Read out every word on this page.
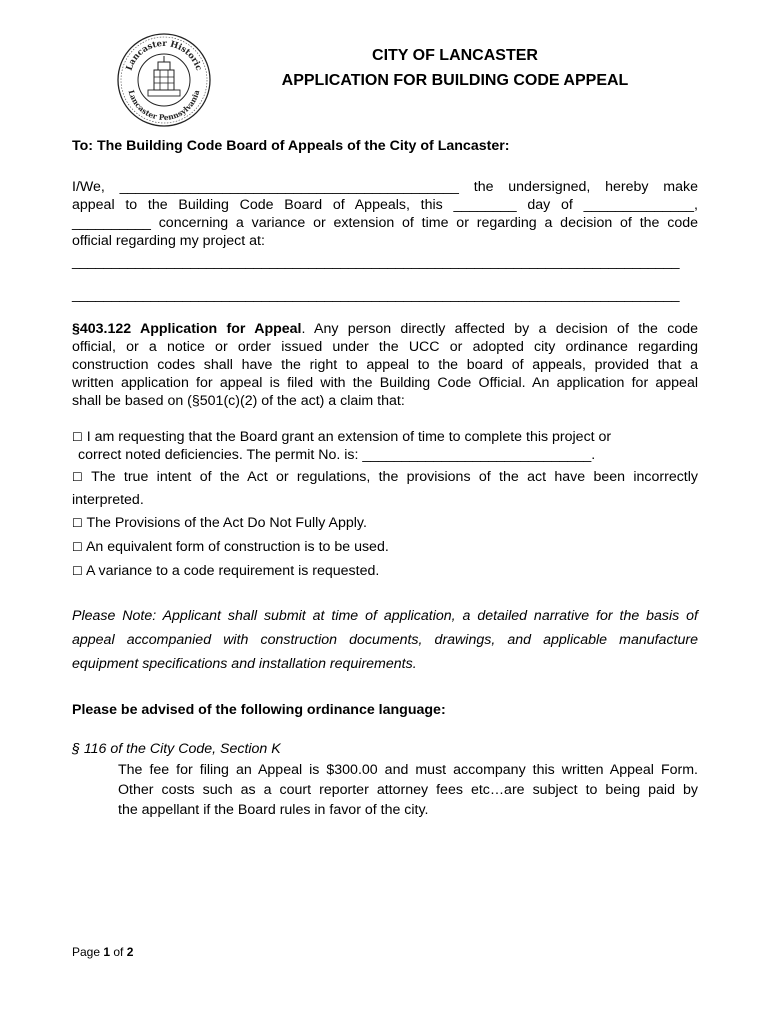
Lancaster Historic
Lancaster Pennsylvania
CITY OF LANCASTER
APPLICATION FOR BUILDING CODE APPEAL
To: The Building Code Board of Appeals of the City of Lancaster:
I/We, ___________________________________________ the undersigned, hereby make
appeal to the Building Code Board of Appeals, this ________ day of ______________,
__________ concerning a variance or extension of time or regarding a decision of the code
official regarding my project at:
_____________________________________________________________________________
_____________________________________________________________________________
§403.122 Application for Appeal. Any person directly affected by a decision of the code
official, or a notice or order issued under the UCC or adopted city ordinance regarding
construction codes shall have the right to appeal to the board of appeals, provided that a
written application for appeal is filed with the Building Code Official. An application for appeal
shall be based on (§501(c)(2) of the act) a claim that:
☐ I am requesting that the Board grant an extension of time to complete this project or
correct noted deficiencies. The permit No. is: _____________________________.
☐ The true intent of the Act or regulations, the provisions of the act have been incorrectly
interpreted.
☐ The Provisions of the Act Do Not Fully Apply.
☐ An equivalent form of construction is to be used.
☐ A variance to a code requirement is requested.
Please Note: Applicant shall submit at time of application, a detailed narrative for the basis of
appeal accompanied with construction documents, drawings, and applicable manufacture
equipment specifications and installation requirements.
Please be advised of the following ordinance language:
§ 116 of the City Code, Section K
The fee for filing an Appeal is $300.00 and must accompany this written Appeal Form.
Other costs such as a court reporter attorney fees etc…are subject to being paid by
the appellant if the Board rules in favor of the city.
Page 1 of 2
